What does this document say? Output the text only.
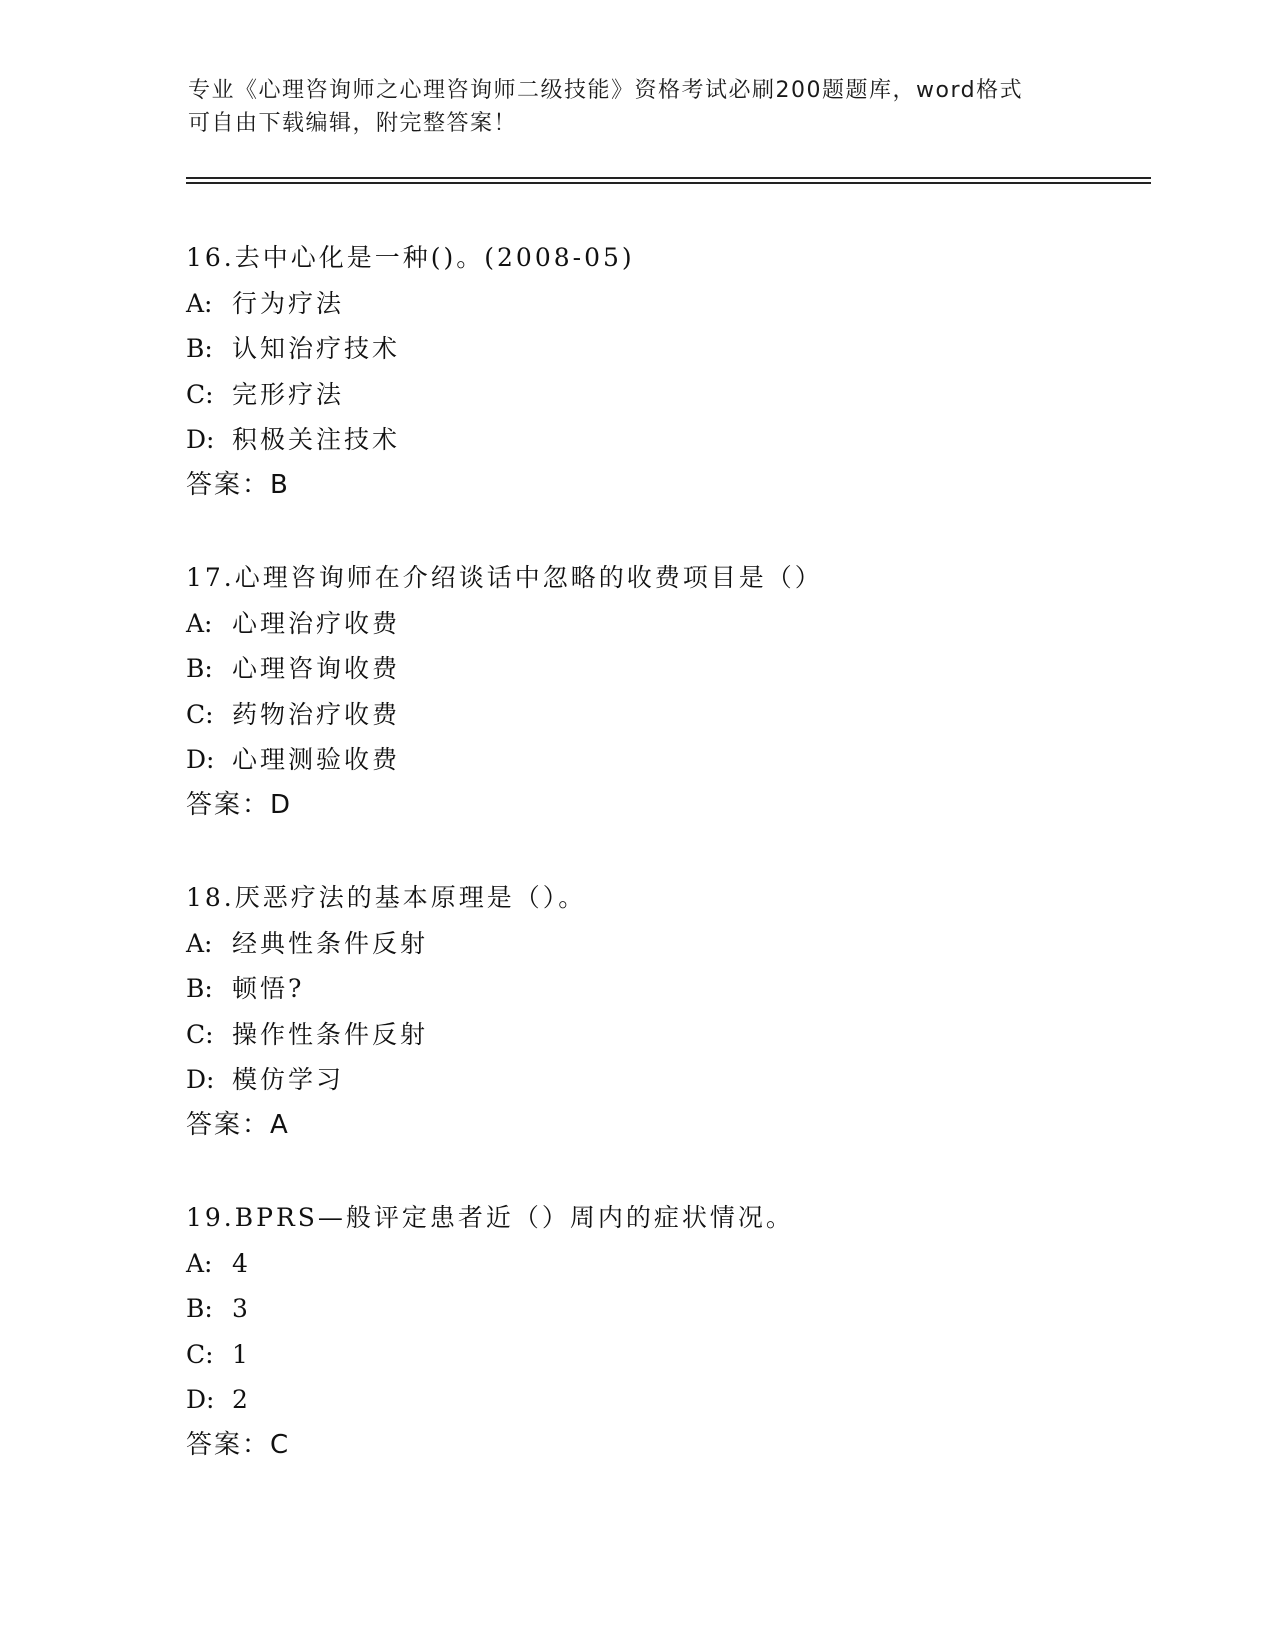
专业《心理咨询师之心理咨询师二级技能》资格考试必刷200题题库，word格式
可自由下载编辑，附完整答案！
16.去中心化是一种()。(2008-05)
A: 行为疗法
B: 认知治疗技术
C: 完形疗法
D: 积极关注技术
答案：B
17.心理咨询师在介绍谈话中忽略的收费项目是（）
A: 心理治疗收费
B: 心理咨询收费
C: 药物治疗收费
D: 心理测验收费
答案：D
18.厌恶疗法的基本原理是（）。
A: 经典性条件反射
B: 顿悟?
C: 操作性条件反射
D: 模仿学习
答案：A
19.BPRS—般评定患者近（）周内的症状情况。
A: 4
B: 3
C: 1
D: 2
答案：C
